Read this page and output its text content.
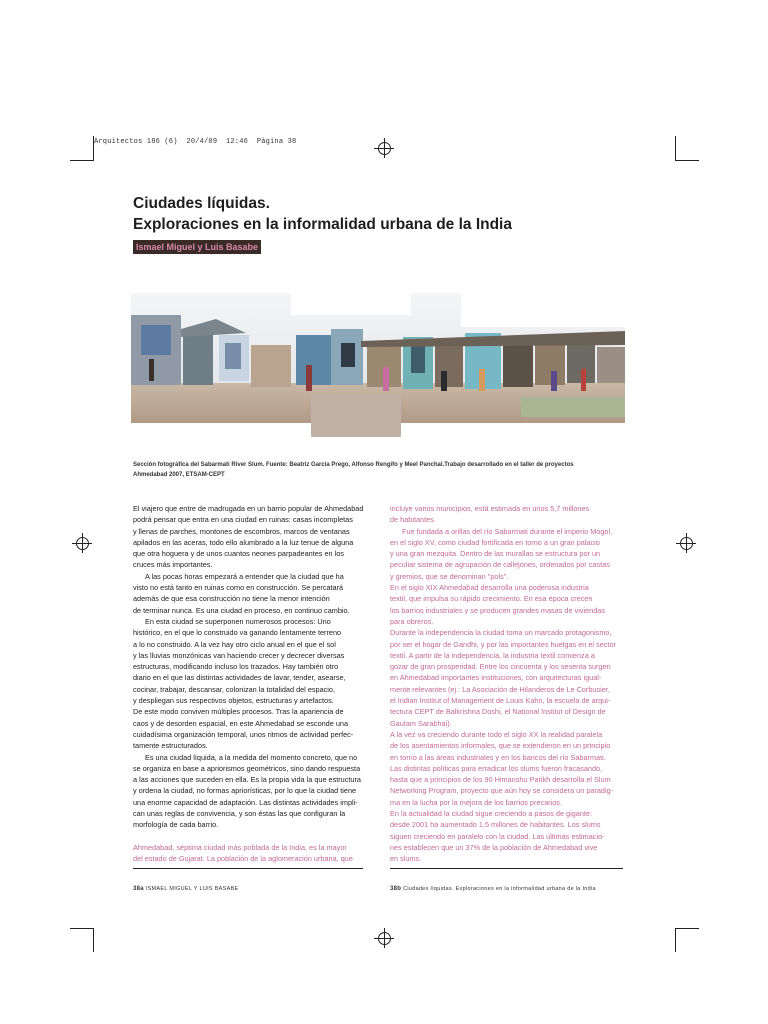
Arquitectos 186 (6)  20/4/09  12:46  Página 38
Ciudades líquidas.
Exploraciones en la informalidad urbana de la India
Ismael Miguel y Luis Basabe
Sección fotográfica del Sabarmati River Slum. Fuente: Beatriz García Prego, Alfonso Rengifo y Meel Panchal.Trabajo desarrollado en el taller de proyectos
Ahmedabad 2007, ETSAM-CEPT

El viajero que entre de madrugada en un barrio popular de Ahmedabad

podrá pensar que entra en una ciudad en ruinas: casas incompletas

y llenas de parches, montones de escombros, marcos de ventanas

apilados en las aceras, todo ello alumbrado a la luz tenue de alguna

que otra hoguera y de unos cuantos neones parpadeantes en los

cruces más importantes.

A las pocas horas empezará a entender que la ciudad que ha

visto no está tanto en ruinas como en construcción. Se percatará

además de que esa construcción no tiene la menor intención

de terminar nunca. Es una ciudad en proceso, en continuo cambio.

En esta ciudad se superponen numerosos procesos: Uno

histórico, en el que lo construido va ganando lentamente terreno

a lo no construido. A la vez hay otro ciclo anual en el que el sol

y las lluvias monzónicas van haciendo crecer y decrecer diversas

estructuras, modificando incluso los trazados. Hay también otro

diario en el que las distintas actividades de lavar, tender, asearse,

cocinar, trabajar, descansar, colonizan la totalidad del espacio,

y despliegan sus respectivos objetos, estructuras y artefactos.

De este modo conviven múltiples procesos. Tras la apariencia de

caos y de desorden espacial, en este Ahmedabad se esconde una

cuidadísima organización temporal, unos ritmos de actividad perfec-

tamente estructurados.

Es una ciudad líquida, a la medida del momento concreto, que no

se organiza en base a apriorismos geométricos, sino dando respuesta

a las acciones que suceden en ella. Es la propia vida la que estructura

y ordena la ciudad, no formas apriorísticas, por lo que la ciudad tiene

una enorme capacidad de adaptación. Las distintas actividades impli-

can unas reglas de convivencia, y son éstas las que configuran la

morfología de cada barrio.

Ahmedabad, séptima ciudad más poblada de la India, es la mayor

del estado de Gujarat. La población de la aglomeración urbana, que

incluye varios municipios, está estimada en unos 5,7 millones

de habitantes.

Fue fundada a orillas del río Sabarmati durante el imperio Mogol,

en el siglo XV, como ciudad fortificada en torno a un gran palacio

y una gran mezquita. Dentro de las murallas se estructura por un

peculiar sistema de agrupación de callejones, ordenados por castas

y gremios, que se denominan "pols".

En el siglo XIX Ahmedabad desarrolla una poderosa industria

textil, que impulsa su rápido crecimiento. En esa época crecen

los barrios industriales y se producen grandes masas de viviendas

para obreros.

Durante la independencia la ciudad toma un marcado protagonismo,

por ser el hogar de Gandhi, y por las importantes huelgas en el sector

textil. A partir de la independencia, la industria textil comienza a

gozar de gran prosperidad. Entre los cincuenta y los sesenta surgen

en Ahmedabad importantes instituciones, con arquitecturas igual-

mente relevantes (ej.: La Asociación de Hilanderos de Le Corbusier,

el Indian Institut of Management de Louis Kahn, la escuela de arqui-

tectura CEPT de Balkrishna Doshi, el National Institut of Design de

Gautam Sarabhai).

A la vez va creciendo durante todo el siglo XX la realidad paralela

de los asentamientos informales, que se extendieron en un principio

en torno a las áreas industriales y en los bancos del río Sabarmati.

Las distintas políticas para erradicar los slums fueron fracasando,

hasta que a principios de los 90 Himanshu Parikh desarrolla el Slum

Networking Program, proyecto que aún hoy se considera un paradig-

ma en la lucha por la mejora de los barrios precarios.

En la actualidad la ciudad sigue creciendo a pasos de gigante:

desde 2001 ha aumentado 1,5 millones de habitantes. Los slums

siguen creciendo en paralelo con la ciudad. Las últimas estimacio-

nes establecen que un 37% de la población de Ahmedabad vive

en slums.

38a ISMAEL MIGUEL Y LUIS BASABE	38b Ciudades líquidas. Exploraciones en la informalidad urbana de la India
